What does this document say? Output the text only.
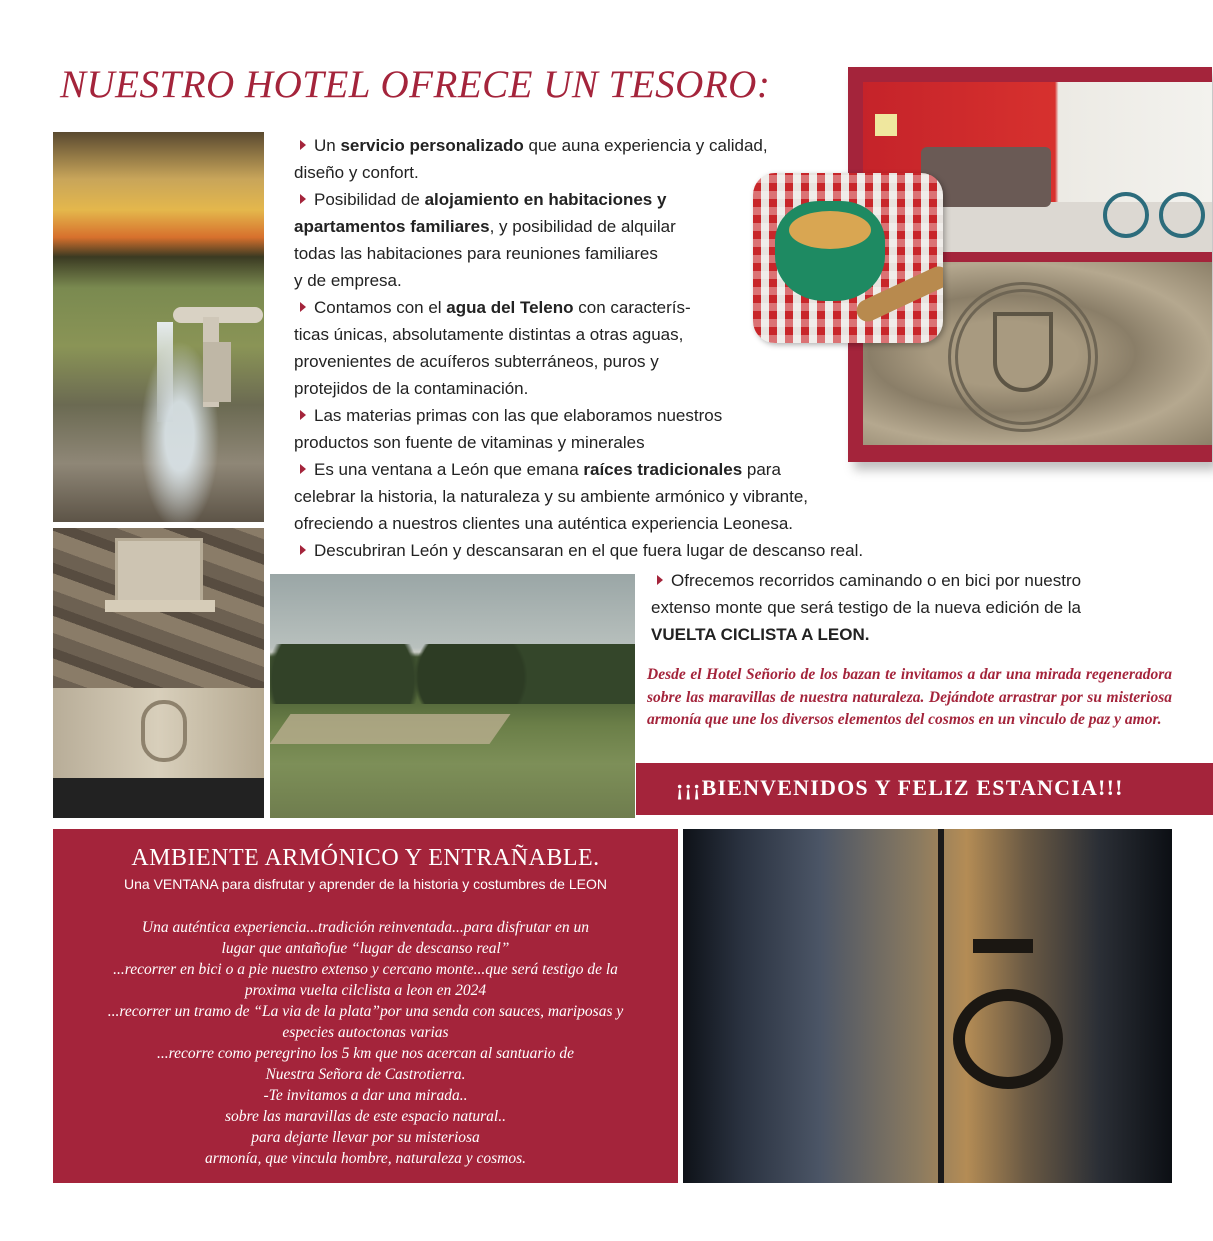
NUESTRO HOTEL OFRECE UN TESORO:
Un servicio personalizado que auna experiencia y calidad,
diseño y confort.
Posibilidad de alojamiento en habitaciones y
apartamentos familiares, y posibilidad de alquilar
todas las habitaciones para reuniones familiares
y de empresa.
Contamos con el agua del Teleno con caracterís-
ticas únicas, absolutamente distintas a otras aguas,
provenientes de acuíferos subterráneos, puros y
protejidos de la contaminación.
Las materias primas con las que elaboramos nuestros
productos son fuente de vitaminas y minerales
Es una ventana a León que emana raíces tradicionales para
celebrar la historia, la naturaleza y su ambiente armónico y vibrante,
ofreciendo a nuestros clientes una auténtica experiencia Leonesa.
Descubriran León y descansaran en el que fuera lugar de descanso real.
Ofrecemos recorridos caminando o en bici por nuestro
extenso monte que será testigo de la nueva edición de la
VUELTA CICLISTA A LEON.
Desde el Hotel Señorio de los bazan te invitamos a dar una mirada regeneradora sobre las maravillas de nuestra naturaleza. Dejándote arrastrar por su misteriosa armonía que une los diversos elementos del cosmos en un vinculo de paz y amor.
¡¡¡BIENVENIDOS Y FELIZ ESTANCIA!!!
AMBIENTE ARMÓNICO Y ENTRAÑABLE.
Una VENTANA para disfrutar y aprender de la historia y costumbres de LEON
Una auténtica experiencia...tradición reinventada...para disfrutar en un
lugar que antañofue “lugar de descanso real”
...recorrer en bici o a pie nuestro extenso y cercano monte...que será testigo de la
proxima vuelta cilclista a leon en 2024
...recorrer un tramo de “La via de la plata”por una senda con sauces, mariposas y
especies autoctonas varias
...recorre como peregrino los 5 km que nos acercan al santuario de
Nuestra Señora de Castrotierra.
-Te invitamos a dar una mirada..
sobre las maravillas de este espacio natural..
para dejarte llevar por su misteriosa
armonía, que vincula hombre, naturaleza y cosmos.
